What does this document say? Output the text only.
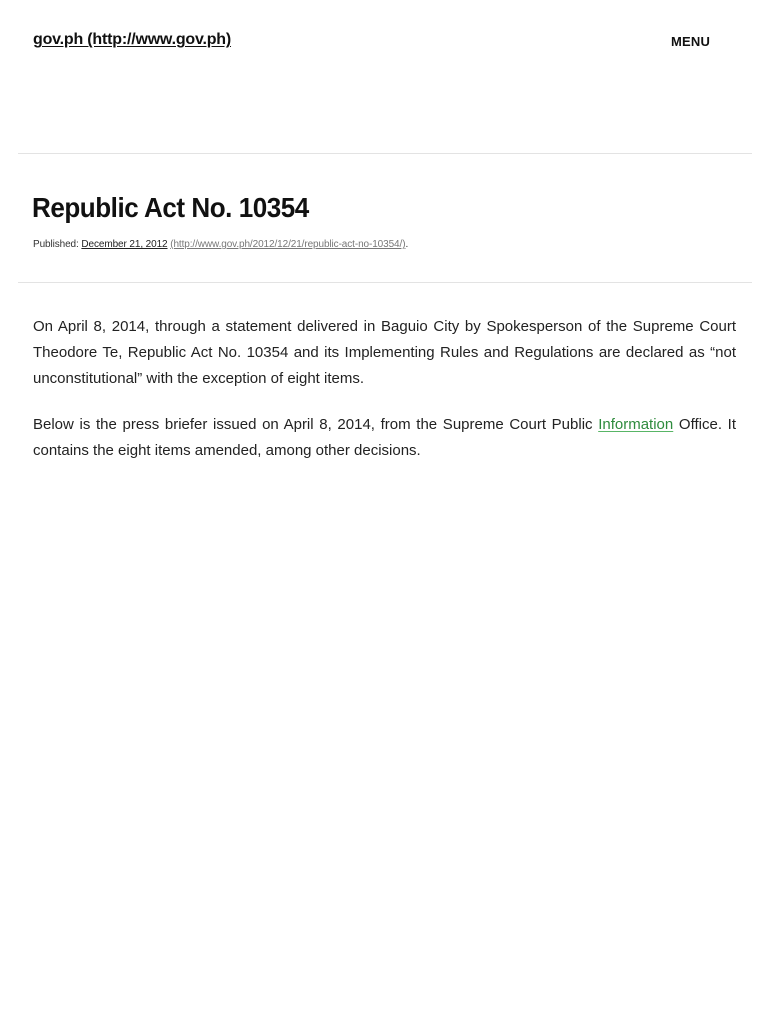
gov.ph (http://www.gov.ph)	MENU
Republic Act No. 10354
Published: December 21, 2012 (http://www.gov.ph/2012/12/21/republic-act-no-10354/).

On April 8, 2014, through a statement delivered in Baguio City by Spokesperson of the Supreme Court Theodore Te, Republic Act No. 10354 and its Implementing Rules and Regulations are declared as “not unconstitutional” with the exception of eight items.

Below is the press briefer issued on April 8, 2014, from the Supreme Court Public Information Office. It contains the eight items amended, among other decisions.
